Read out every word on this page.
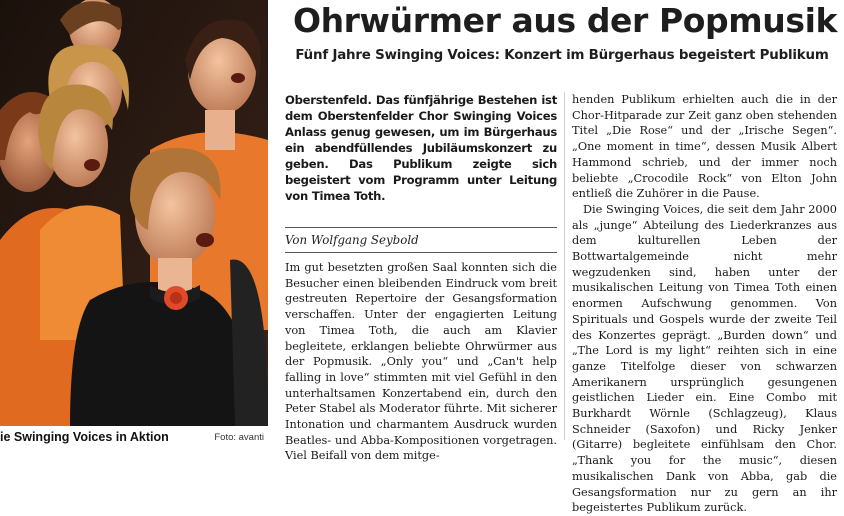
ie Swinging Voices in Aktion	Foto: avanti
Ohrwürmer aus der Popmusik
Fünf Jahre Swinging Voices: Konzert im Bürgerhaus begeistert Publikum
Oberstenfeld. Das fünfjährige Bestehen ist dem Oberstenfelder Chor Swinging Voices Anlass genug gewesen, um im Bürgerhaus ein abendfüllendes Jubiläumskonzert zu geben. Das Publikum zeigte sich begeistert vom Programm unter Leitung von Timea Toth.
Von Wolfgang Seybold

Im gut besetzten großen Saal konnten sich die Besucher einen bleibenden Eindruck vom breit gestreuten Repertoire der Gesangsformation verschaffen. Unter der engagierten Leitung von Timea Toth, die auch am Klavier begleitete, erklangen beliebte Ohrwürmer aus der Popmusik. „Only you“ und „Can't help falling in love“ stimmten mit viel Gefühl in den unterhaltsamen Konzertabend ein, durch den Peter Stabel als Moderator führte. Mit sicherer Intonation und charmantem Ausdruck wurden Beatles- und Abba-Kompositionen vorgetragen. Viel Beifall von dem mitge-

henden Publikum erhielten auch die in der Chor-Hitparade zur Zeit ganz oben stehenden Titel „Die Rose“ und der „Irische Segen“. „One moment in time“, dessen Musik Albert Hammond schrieb, und der immer noch beliebte „Crocodile Rock“ von Elton John entließ die Zuhörer in die Pause.

Die Swinging Voices, die seit dem Jahr 2000 als „junge“ Abteilung des Liederkranzes aus dem kulturellen Leben der Bottwartalgemeinde nicht mehr wegzudenken sind, haben unter der musikalischen Leitung von Timea Toth einen enormen Aufschwung genommen. Von Spirituals und Gospels wurde der zweite Teil des Konzertes geprägt. „Burden down“ und „The Lord is my light“ reihten sich in eine ganze Titelfolge dieser von schwarzen Amerikanern ursprünglich gesungenen geistlichen Lieder ein. Eine Combo mit Burkhardt Wörnle (Schlagzeug), Klaus Schneider (Saxofon) und Ricky Jenker (Gitarre) begleitete einfühlsam den Chor. „Thank you for the music“, diesen musikalischen Dank von Abba, gab die Gesangsformation nur zu gern an ihr begeistertes Publikum zurück.
